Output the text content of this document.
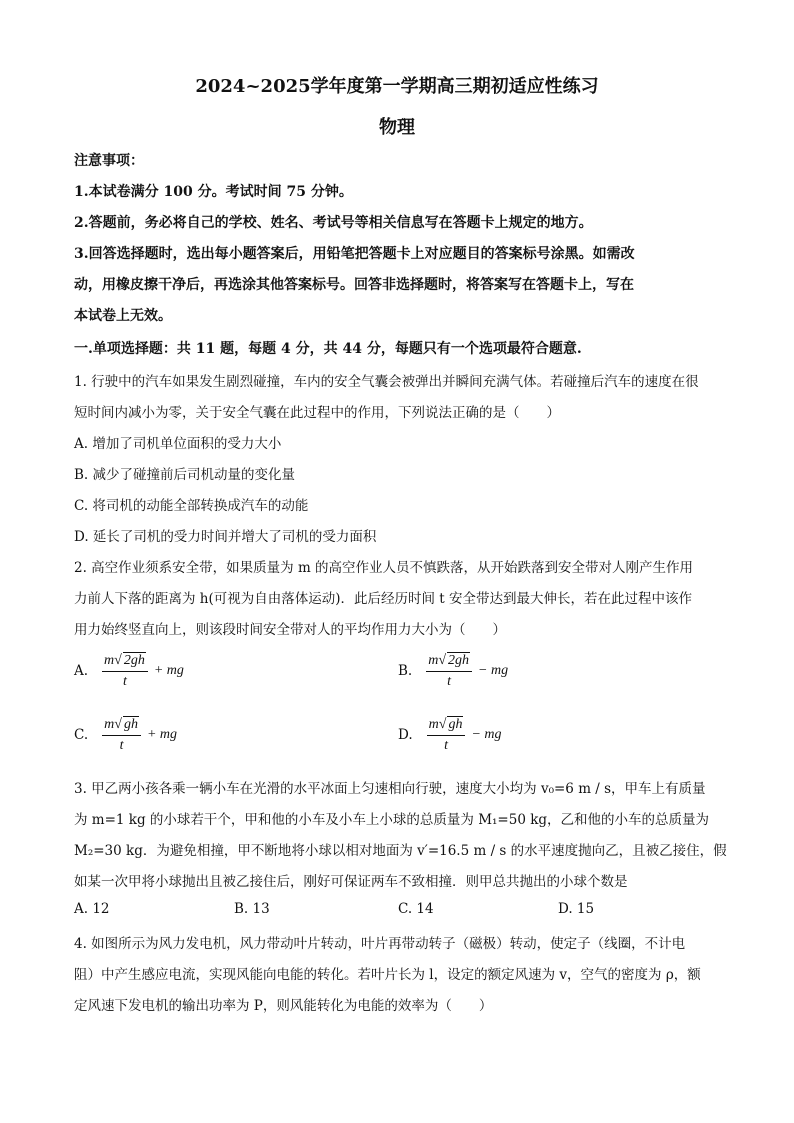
2024~2025学年度第一学期高三期初适应性练习
物理
注意事项：
1.本试卷满分 100 分。考试时间 75 分钟。
2.答题前，务必将自己的学校、姓名、考试号等相关信息写在答题卡上规定的地方。
3.回答选择题时，选出每小题答案后，用铅笔把答题卡上对应题目的答案标号涂黑。如需改
动，用橡皮擦干净后，再选涂其他答案标号。回答非选择题时，将答案写在答题卡上，写在
本试卷上无效。
一.单项选择题：共 11 题，每题 4 分，共 44 分，每题只有一个选项最符合题意.
1. 行驶中的汽车如果发生剧烈碰撞，车内的安全气囊会被弹出并瞬间充满气体。若碰撞后汽车的速度在很
短时间内减小为零，关于安全气囊在此过程中的作用，下列说法正确的是（　　）
A. 增加了司机单位面积的受力大小
B. 减少了碰撞前后司机动量的变化量
C. 将司机的动能全部转换成汽车的动能
D. 延长了司机的受力时间并增大了司机的受力面积
2. 高空作业须系安全带，如果质量为 m 的高空作业人员不慎跌落，从开始跌落到安全带对人刚产生作用
力前人下落的距离为 h(可视为自由落体运动)．此后经历时间 t 安全带达到最大伸长，若在此过程中该作
用力始终竖直向上，则该段时间安全带对人的平均作用力大小为（　　）
A. $\frac{m√ 2gh}{t}$ + mg	B. $\frac{m√ 2gh}{t}$ − mg
C. $\frac{m√ gh}{t}$ + mg	D. $\frac{m√ gh}{t}$ − mg
3. 甲乙两小孩各乘一辆小车在光滑的水平冰面上匀速相向行驶，速度大小均为 v₀=6 m / s，甲车上有质量
为 m=1 kg 的小球若干个，甲和他的小车及小车上小球的总质量为 M₁=50 kg，乙和他的小车的总质量为
M₂=30 kg．为避免相撞，甲不断地将小球以相对地面为 v′=16.5 m / s 的水平速度抛向乙，且被乙接住，假
如某一次甲将小球抛出且被乙接住后，刚好可保证两车不致相撞．则甲总共抛出的小球个数是
A. 12	B. 13	C. 14	D. 15
4. 如图所示为风力发电机，风力带动叶片转动，叶片再带动转子（磁极）转动，使定子（线圈，不计电
阻）中产生感应电流，实现风能向电能的转化。若叶片长为 l，设定的额定风速为 v，空气的密度为 ρ，额
定风速下发电机的输出功率为 P，则风能转化为电能的效率为（　　）
